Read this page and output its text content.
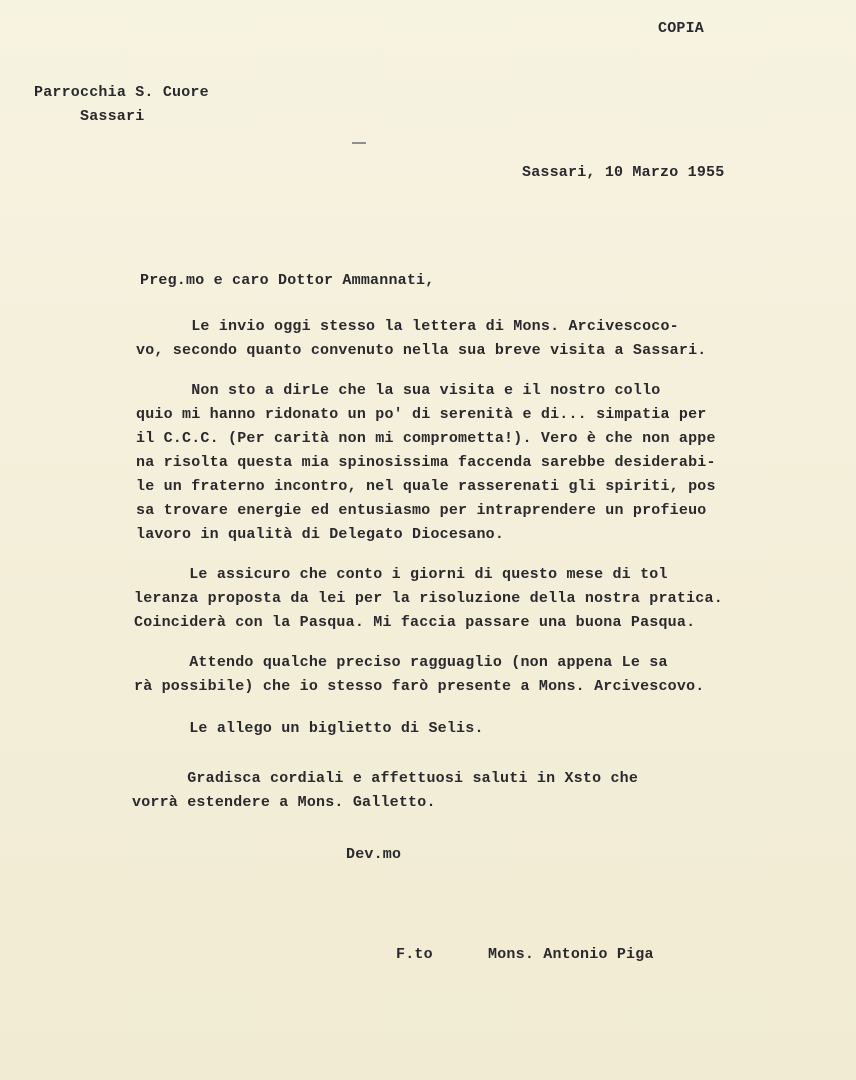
COPIA
Parrocchia S. Cuore
Sassari
Sassari, 10 Marzo 1955
Preg.mo e caro Dottor Ammannati,
Le invio oggi stesso la lettera di Mons. Arcivescoco-
vo, secondo quanto convenuto nella sua breve visita a Sassari.
Non sto a dirLe che la sua visita e il nostro collo
quio mi hanno ridonato un po' di serenità e di... simpatia per
il C.C.C. (Per carità non mi comprometta!). Vero è che non appe
na risolta questa mia spinosissima faccenda sarebbe desiderabi-
le un fraterno incontro, nel quale rasserenati gli spiriti, pos
sa trovare energie ed entusiasmo per intraprendere un profieuo
lavoro in qualità di Delegato Diocesano.
Le assicuro che conto i giorni di questo mese di tol
leranza proposta da lei per la risoluzione della nostra pratica.
Coinciderà con la Pasqua. Mi faccia passare una buona Pasqua.
Attendo qualche preciso ragguaglio (non appena Le sa
rà possibile) che io stesso farò presente a Mons. Arcivescovo.
Le allego un biglietto di Selis.
Gradisca cordiali e affettuosi saluti in Xsto che
vorrà estendere a Mons. Galletto.
Dev.mo
F.to	Mons. Antonio Piga
